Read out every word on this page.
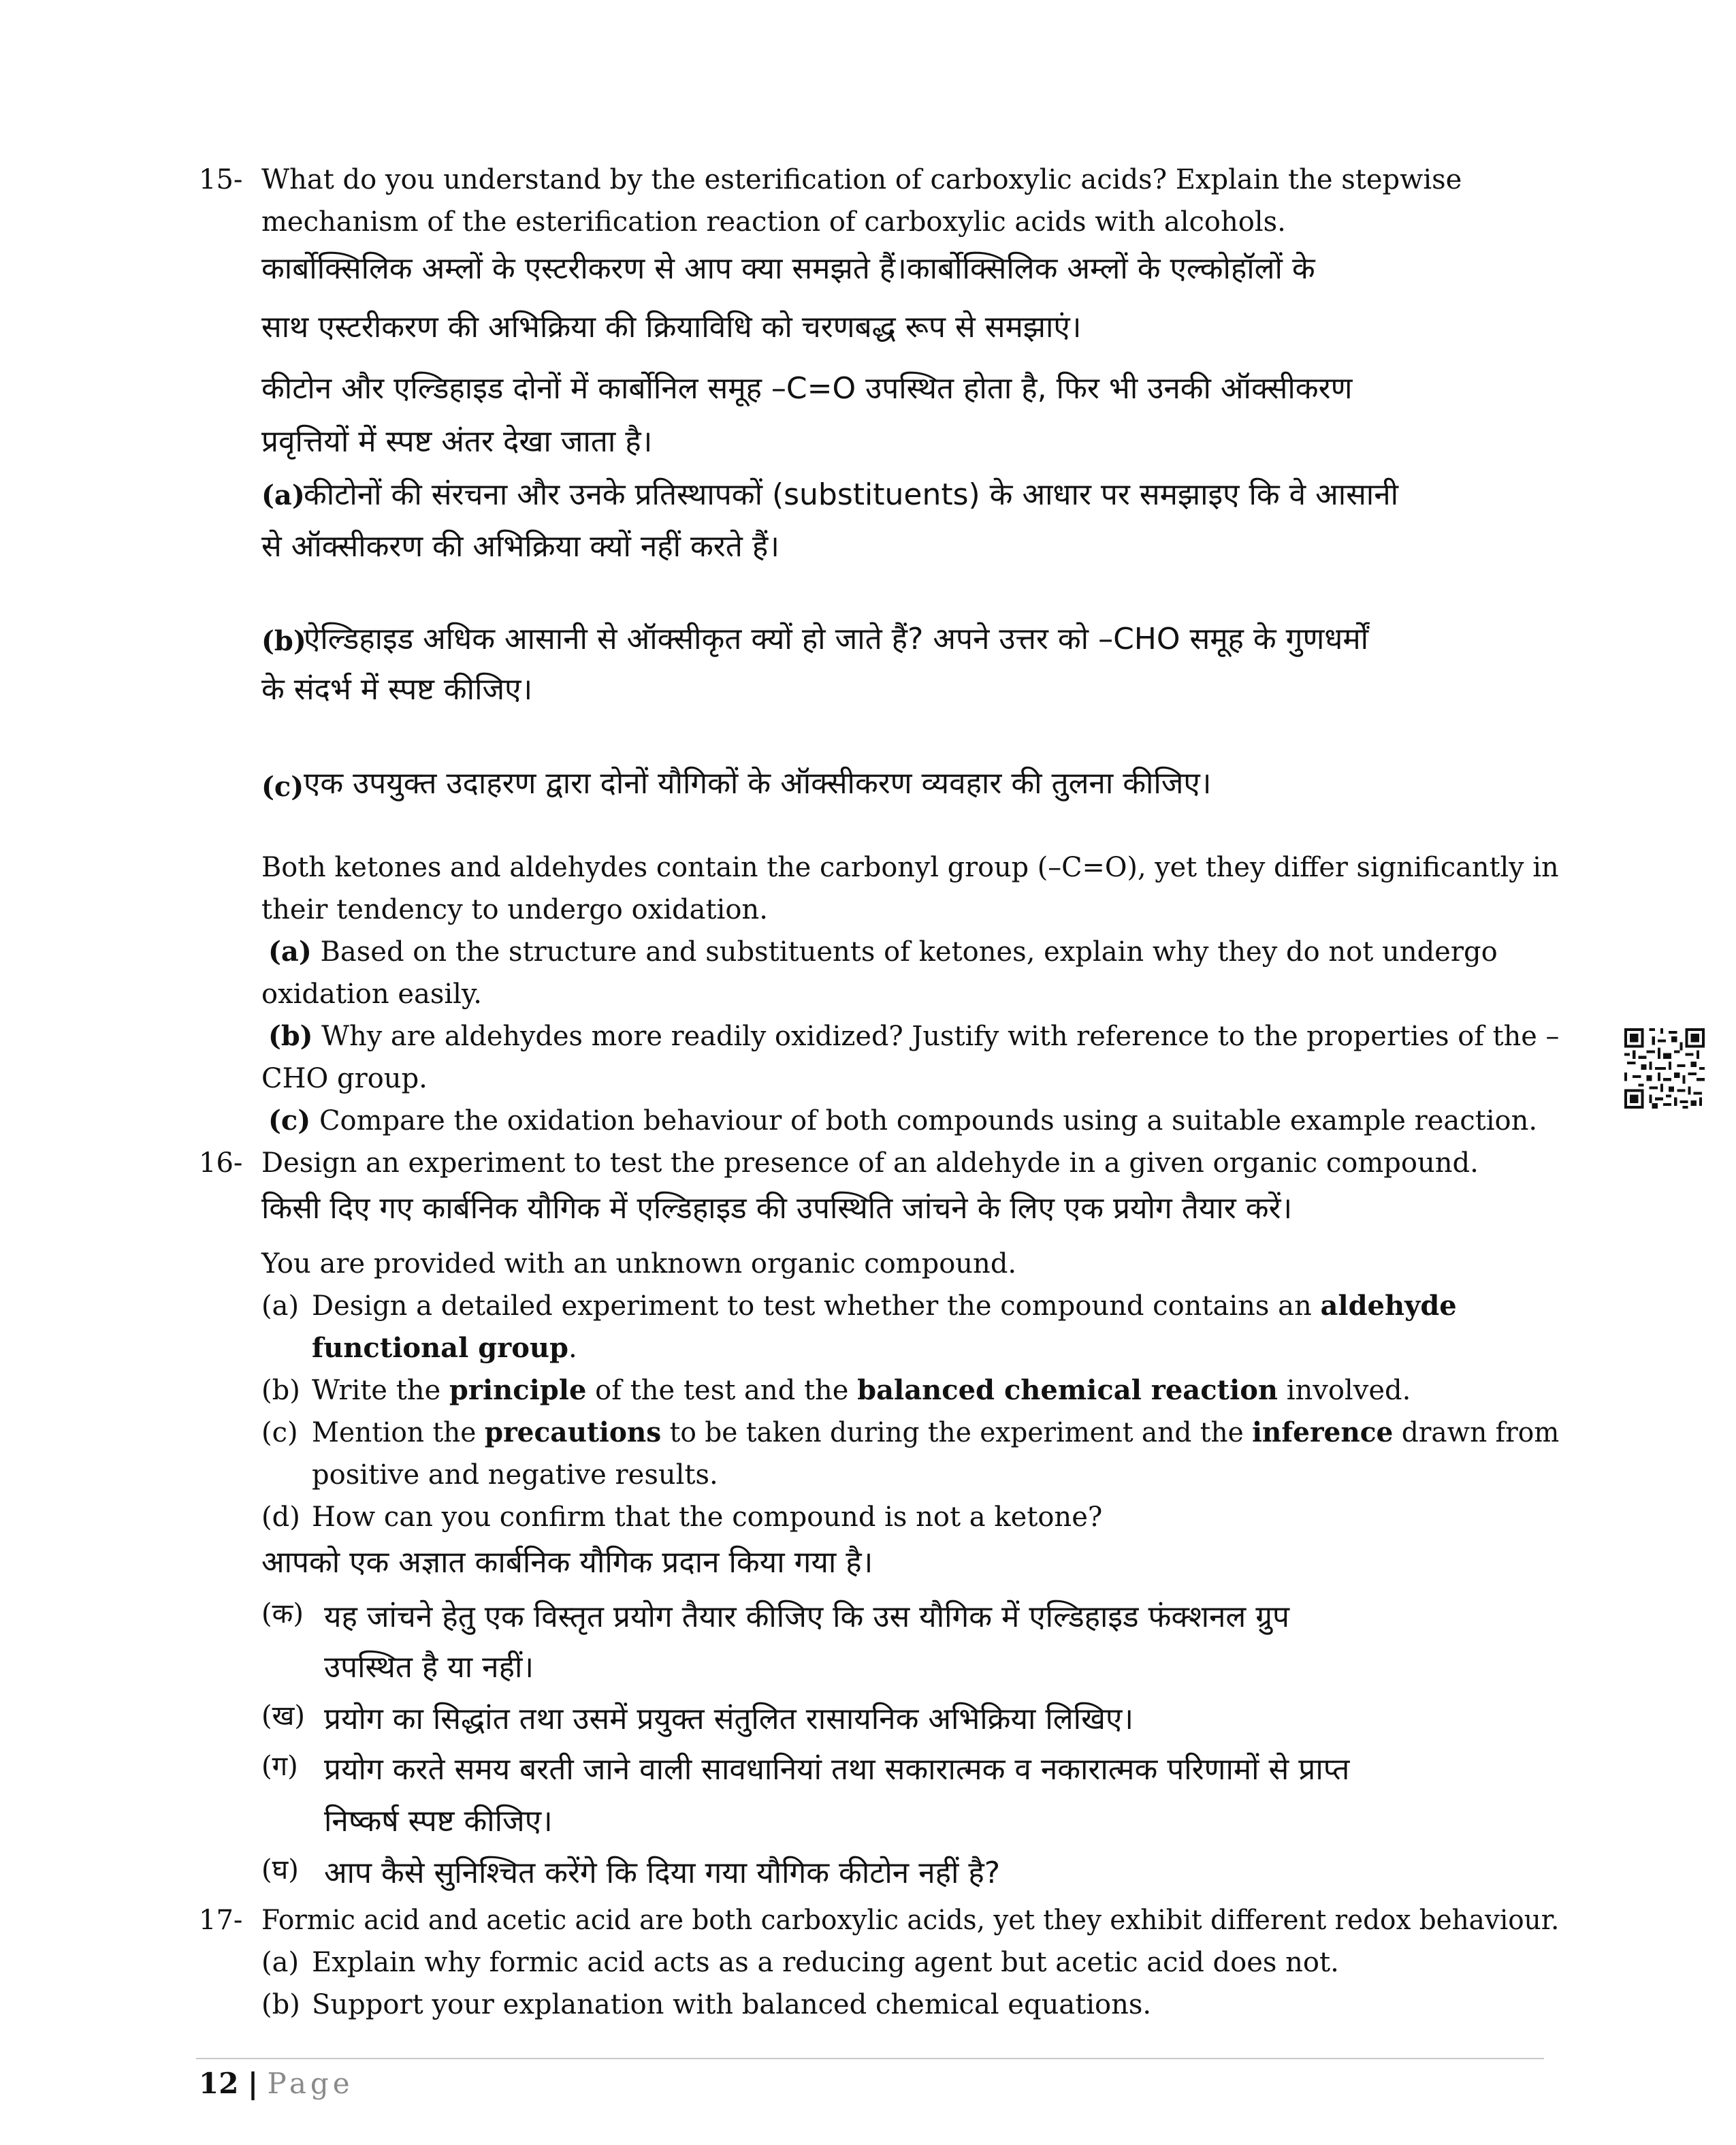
15- What do you understand by the esterification of carboxylic acids? Explain the stepwise

mechanism of the esterification reaction of carboxylic acids with alcohols.

कार्बोक्सिलिक अम्लों के एस्टरीकरण से आप क्या समझते हैं।कार्बोक्सिलिक अम्लों के एल्कोहॉलों के

साथ एस्टरीकरण की अभिक्रिया की क्रियाविधि को चरणबद्ध रूप से समझाएं।

कीटोन और एल्डिहाइड दोनों में कार्बोनिल समूह –C=O उपस्थित होता है, फिर भी उनकी ऑक्सीकरण

प्रवृत्तियों में स्पष्ट अंतर देखा जाता है।

(a)

कीटोनों की संरचना और उनके प्रतिस्थापकों (substituents) के आधार पर समझाइए कि वे आसानी

से ऑक्सीकरण की अभिक्रिया क्यों नहीं करते हैं।

(b)

ऐल्डिहाइड अधिक आसानी से ऑक्सीकृत क्यों हो जाते हैं? अपने उत्तर को –CHO समूह के गुणधर्मों

के संदर्भ में स्पष्ट कीजिए।

(c) एक उपयुक्त उदाहरण द्वारा दोनों यौगिकों के ऑक्सीकरण व्यवहार की तुलना कीजिए।

Both ketones and aldehydes contain the carbonyl group (–C=O), yet they differ significantly in

their tendency to undergo oxidation.

(a) Based on the structure and substituents of ketones, explain why they do not undergo

oxidation easily.

(b) Why are aldehydes more readily oxidized? Justify with reference to the properties of the –

CHO group.

(c) Compare the oxidation behaviour of both compounds using a suitable example reaction.

16- Design an experiment to test the presence of an aldehyde in a given organic compound.

किसी दिए गए कार्बनिक यौगिक में एल्डिहाइड की उपस्थिति जांचने के लिए एक प्रयोग तैयार करें।

You are provided with an unknown organic compound.

(a) Design a detailed experiment to test whether the compound contains an aldehyde

functional group.

(b) Write the principle of the test and the balanced chemical reaction involved.

(c) Mention the precautions to be taken during the experiment and the inference drawn from

positive and negative results.

(d) How can you confirm that the compound is not a ketone?

आपको एक अज्ञात कार्बनिक यौगिक प्रदान किया गया है।

(क) यह जांचने हेतु एक विस्तृत प्रयोग तैयार कीजिए कि उस यौगिक में एल्डिहाइड फंक्शनल ग्रुप

उपस्थित है या नहीं।

(ख) प्रयोग का सिद्धांत तथा उसमें प्रयुक्त संतुलित रासायनिक अभिक्रिया लिखिए।

(ग) प्रयोग करते समय बरती जाने वाली सावधानियां तथा सकारात्मक व नकारात्मक परिणामों से प्राप्त

निष्कर्ष स्पष्ट कीजिए।

(घ) आप कैसे सुनिश्चित करेंगे कि दिया गया यौगिक कीटोन नहीं है?

17- Formic acid and acetic acid are both carboxylic acids, yet they exhibit different redox behaviour.

(a) Explain why formic acid acts as a reducing agent but acetic acid does not.

(b) Support your explanation with balanced chemical equations.

12 | Page
